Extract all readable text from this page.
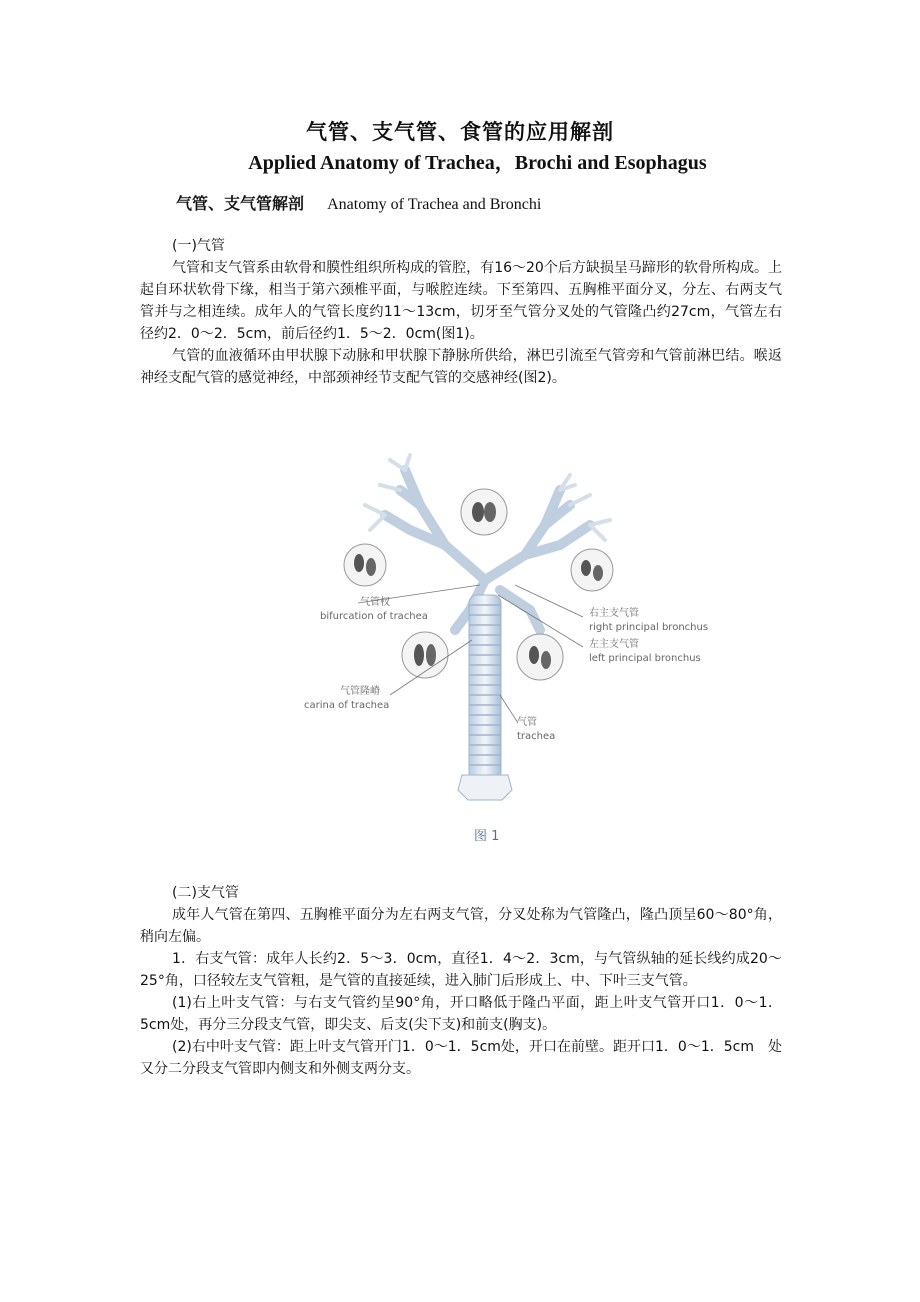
气管、支气管、食管的应用解剖
Applied Anatomy of Trachea，Brochi and Esophagus
气管、支气管解剖 Anatomy of Trachea and Bronchi

(一)气管

气管和支气管系由软骨和膜性组织所构成的管腔，有16～20个后方缺损呈马蹄形的软骨所构成。上起自环状软骨下缘，相当于第六颈椎平面，与喉腔连续。下至第四、五胸椎平面分叉，分左、右两支气管并与之相连续。成年人的气管长度约11～13cm，切牙至气管分叉处的气管隆凸约27cm，气管左右径约2．0～2．5cm，前后径约1．5～2．0cm(图1)。

气管的血液循环由甲状腺下动脉和甲状腺下静脉所供给，淋巴引流至气管旁和气管前淋巴结。喉返神经支配气管的感觉神经，中部颈神经节支配气管的交感神经(图2)。

气管杈
bifurcation of trachea	右主支气管
right principal bronchus
左主支气管
left principal bronchus
气管隆嵴
carina of trachea
气管
trachea
图 1

(二)支气管

成年人气管在第四、五胸椎平面分为左右两支气管，分叉处称为气管隆凸，隆凸顶呈60～80°角，稍向左偏。

1．右支气管：成年人长约2．5～3．0cm，直径1．4～2．3cm，与气管纵轴的延长线约成20～25°角，口径较左支气管粗，是气管的直接延续，进入肺门后形成上、中、下叶三支气管。

(1)右上叶支气管：与右支气管约呈90°角，开口略低于隆凸平面，距上叶支气管开口1．0～1．5cm处，再分三分段支气管，即尖支、后支(尖下支)和前支(胸支)。

(2)右中叶支气管：距上叶支气管开门1．0～1．5cm处，开口在前壁。距开口1．0～1．5cm　处又分二分段支气管即内侧支和外侧支两分支。
